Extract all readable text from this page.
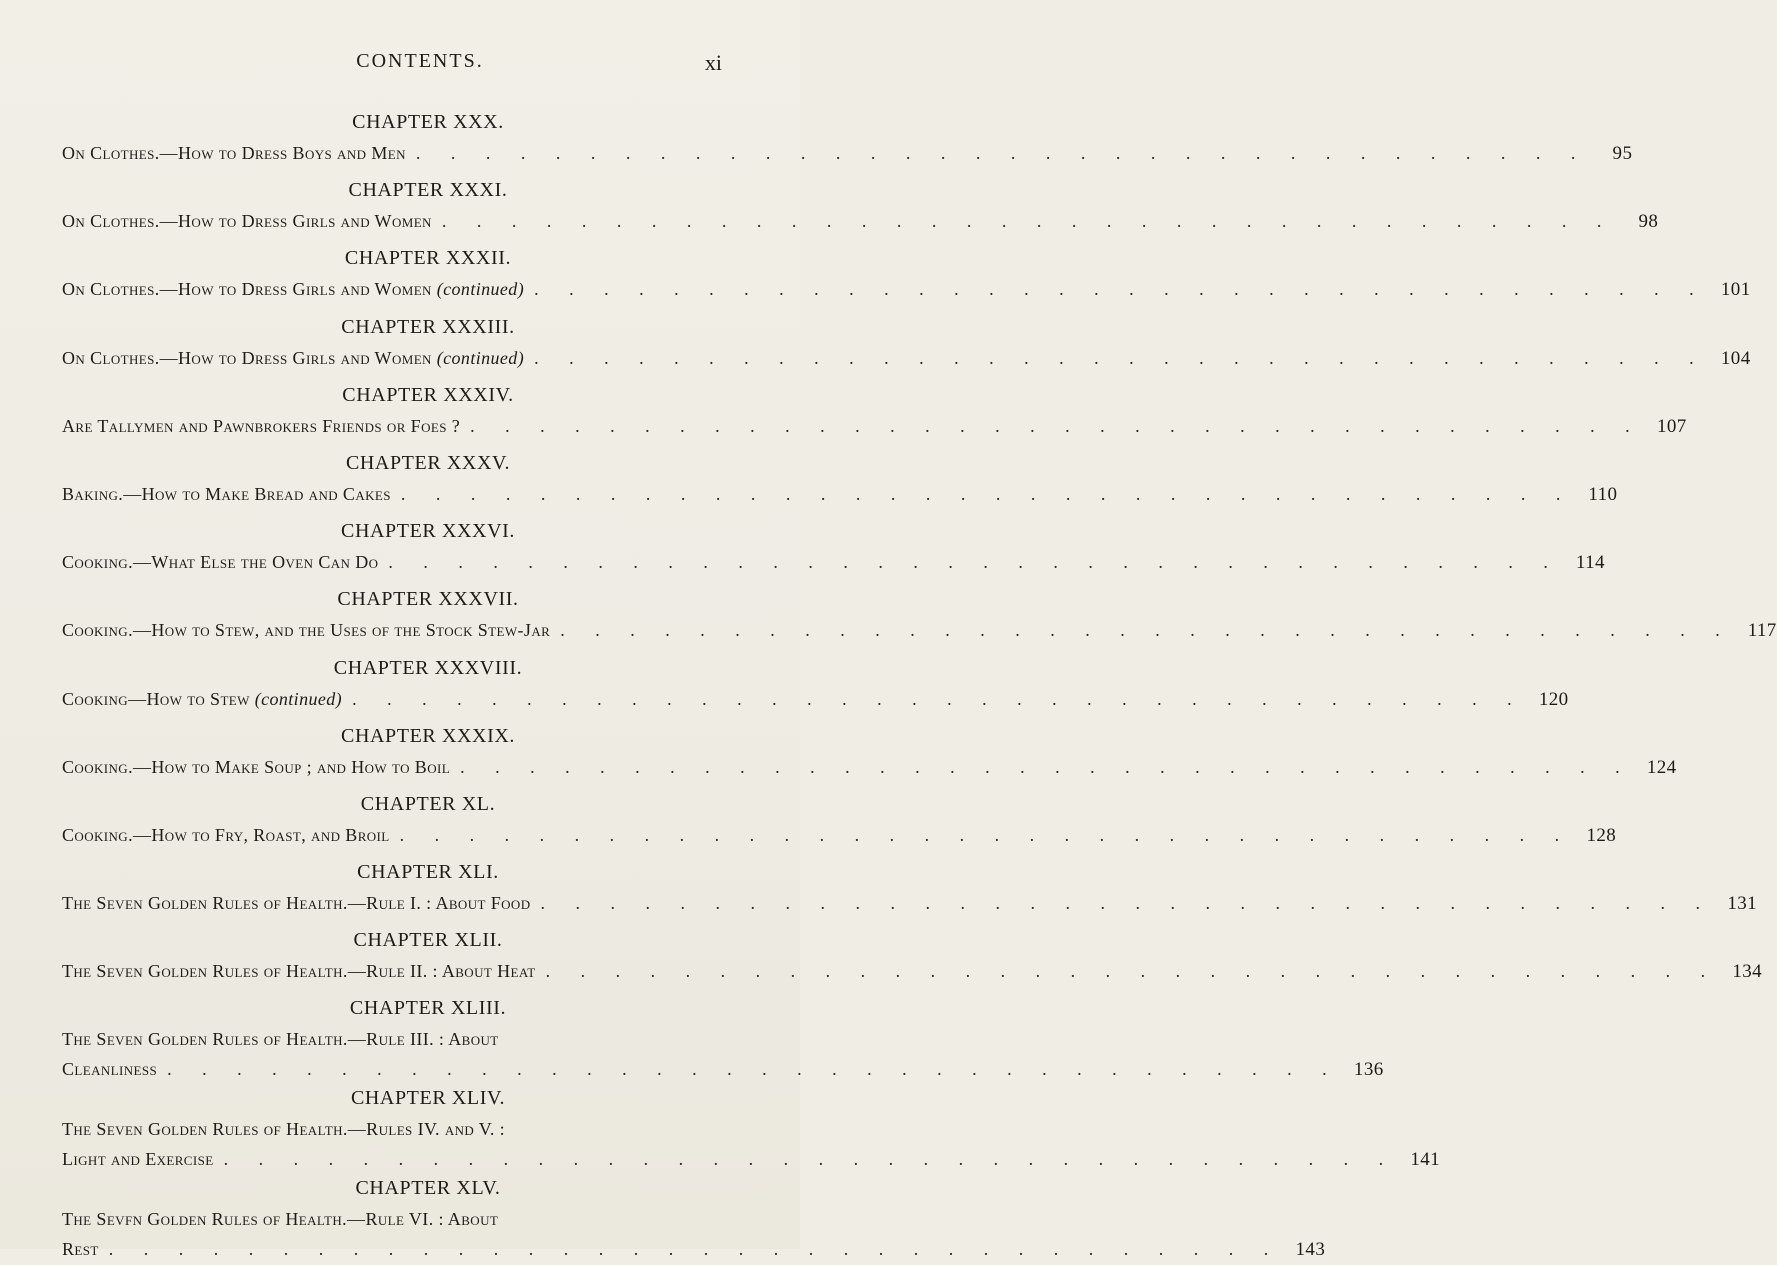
CONTENTS.	xi
CHAPTER XXX.
On Clothes.—How to Dress Boys and Men . . . . . . . . . . . . . . . . . . . . . . . . . . . . . . . . . .	95
CHAPTER XXXI.
On Clothes.—How to Dress Girls and Women . . . . . . . . . . . . . . . . . . . . . . . . . . . . . . . . . .	98
CHAPTER XXXII.
On Clothes.—How to Dress Girls and Women (continued) . . . . . . . . . . . . . . . . . . . . . . . . . . . . . . . . . . 101
CHAPTER XXXIII.
On Clothes.—How to Dress Girls and Women (continued) . . . . . . . . . . . . . . . . . . . . . . . . . . . . . . . . . . 104
CHAPTER XXXIV.
Are Tallymen and Pawnbrokers Friends or Foes ? . . . . . . . . . . . . . . . . . . . . . . . . . . . . . . . . . . 107
CHAPTER XXXV.
Baking.—How to Make Bread and Cakes . . . . . . . . . . . . . . . . . . . . . . . . . . . . . . . . . . 110
CHAPTER XXXVI.
Cooking.—What Else the Oven Can Do . . . . . . . . . . . . . . . . . . . . . . . . . . . . . . . . . . 114
CHAPTER XXXVII.
Cooking.—How to Stew, and the Uses of the Stock Stew-Jar . . . . . . . . . . . . . . . . . . . . . . . . . . . . . . . . . . 117
CHAPTER XXXVIII.
Cooking—How to Stew (continued) . . . . . . . . . . . . . . . . . . . . . . . . . . . . . . . . . . 120
CHAPTER XXXIX.
Cooking.—How to Make Soup ; and How to Boil . . . . . . . . . . . . . . . . . . . . . . . . . . . . . . . . . . 124
CHAPTER XL.
Cooking.—How to Fry, Roast, and Broil . . . . . . . . . . . . . . . . . . . . . . . . . . . . . . . . . . 128
CHAPTER XLI.
The Seven Golden Rules of Health.—Rule I. : About Food . . . . . . . . . . . . . . . . . . . . . . . . . . . . . . . . . . 131
CHAPTER XLII.
The Seven Golden Rules of Health.—Rule II. : About Heat . . . . . . . . . . . . . . . . . . . . . . . . . . . . . . . . . . 134
CHAPTER XLIII.
The Seven Golden Rules of Health.—Rule III. : About
Cleanliness . . . . . . . . . . . . . . . . . . . . . . . . . . . . . . . . . . 136
CHAPTER XLIV.
The Seven Golden Rules of Health.—Rules IV. and V. :
Light and Exercise . . . . . . . . . . . . . . . . . . . . . . . . . . . . . . . . . . 141
CHAPTER XLV.
The Sevfn Golden Rules of Health.—Rule VI. : About
Rest . . . . . . . . . . . . . . . . . . . . . . . . . . . . . . . . . . 143
